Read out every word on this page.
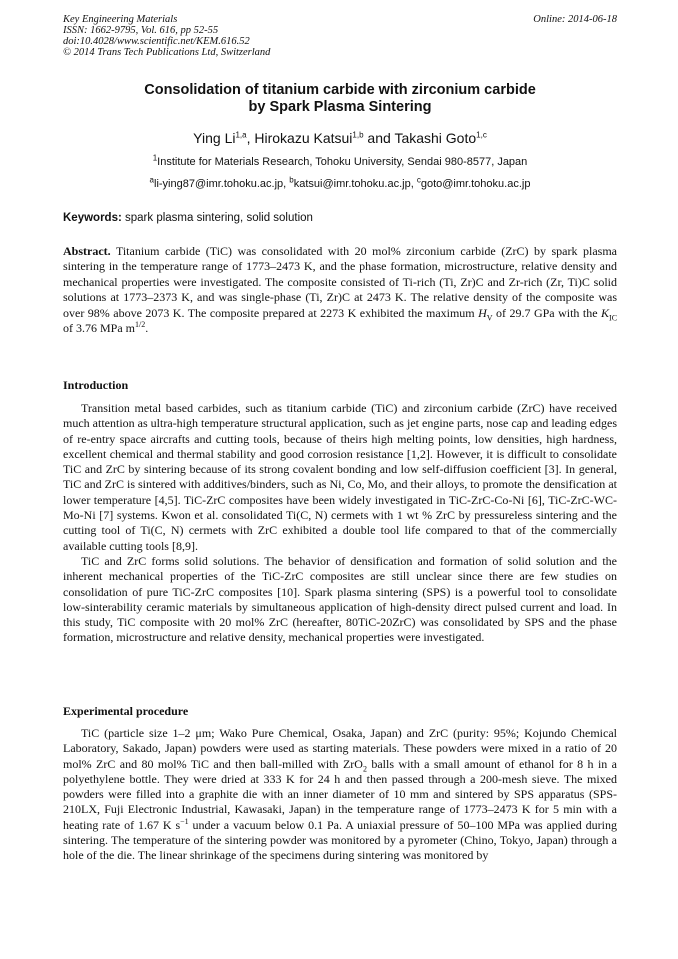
Key Engineering Materials
ISSN: 1662-9795, Vol. 616, pp 52-55
doi:10.4028/www.scientific.net/KEM.616.52
© 2014 Trans Tech Publications Ltd, Switzerland
Online: 2014-06-18
Consolidation of titanium carbide with zirconium carbide
by Spark Plasma Sintering
Ying Li$^{1,a}$, Hirokazu Katsui$^{1,b}$ and Takashi Goto$^{1,c}$
$^1$Institute for Materials Research, Tohoku University, Sendai 980-8577, Japan
$^a$li-ying87@imr.tohoku.ac.jp, $^b$katsui@imr.tohoku.ac.jp, $^c$goto@imr.tohoku.ac.jp
Keywords: spark plasma sintering, solid solution
Abstract. Titanium carbide (TiC) was consolidated with 20 mol% zirconium carbide (ZrC) by spark plasma sintering in the temperature range of 1773–2473 K, and the phase formation, microstructure, relative density and mechanical properties were investigated. The composite consisted of Ti-rich (Ti, Zr)C and Zr-rich (Zr, Ti)C solid solutions at 1773–2373 K, and was single-phase (Ti, Zr)C at 2473 K. The relative density of the composite was over 98% above 2073 K. The composite prepared at 2273 K exhibited the maximum $H_V$ of 29.7 GPa with the $K_{IC}$ of 3.76 MPa $m^{1/2}$.
Introduction

Transition metal based carbides, such as titanium carbide (TiC) and zirconium carbide (ZrC) have received much attention as ultra-high temperature structural application, such as jet engine parts, nose cap and leading edges of re-entry space aircrafts and cutting tools, because of theirs high melting points, low densities, high hardness, excellent chemical and thermal stability and good corrosion resistance [1,2]. However, it is difficult to consolidate TiC and ZrC by sintering because of its strong covalent bonding and low self-diffusion coefficient [3]. In general, TiC and ZrC is sintered with additives/binders, such as Ni, Co, Mo, and their alloys, to promote the densification at lower temperature [4,5]. TiC-ZrC composites have been widely investigated in TiC-ZrC-Co-Ni [6], TiC-ZrC-WC-Mo-Ni [7] systems. Kwon et al. consolidated Ti(C, N) cermets with 1 wt % ZrC by pressureless sintering and the cutting tool of Ti(C, N) cermets with ZrC exhibited a double tool life compared to that of the commercially available cutting tools [8,9].

TiC and ZrC forms solid solutions. The behavior of densification and formation of solid solution and the inherent mechanical properties of the TiC-ZrC composites are still unclear since there are few studies on consolidation of pure TiC-ZrC composites [10]. Spark plasma sintering (SPS) is a powerful tool to consolidate low-sinterability ceramic materials by simultaneous application of high-density direct pulsed current and load. In this study, TiC composite with 20 mol% ZrC (hereafter, 80TiC-20ZrC) was consolidated by SPS and the phase formation, microstructure and relative density, mechanical properties were investigated.

Experimental procedure

TiC (particle size 1–2 μm; Wako Pure Chemical, Osaka, Japan) and ZrC (purity: 95%; Kojundo Chemical Laboratory, Sakado, Japan) powders were used as starting materials. These powders were mixed in a ratio of 20 mol% ZrC and 80 mol% TiC and then ball-milled with ZrO$_2$ balls with a small amount of ethanol for 8 h in a polyethylene bottle. They were dried at 333 K for 24 h and then passed through a 200-mesh sieve. The mixed powders were filled into a graphite die with an inner diameter of 10 mm and sintered by SPS apparatus (SPS-210LX, Fuji Electronic Industrial, Kawasaki, Japan) in the temperature range of 1773–2473 K for 5 min with a heating rate of 1.67 K $s^{-1}$ under a vacuum below 0.1 Pa. A uniaxial pressure of 50–100 MPa was applied during sintering. The temperature of the sintering powder was monitored by a pyrometer (Chino, Tokyo, Japan) through a hole of the die. The linear shrinkage of the specimens during sintering was monitored by
